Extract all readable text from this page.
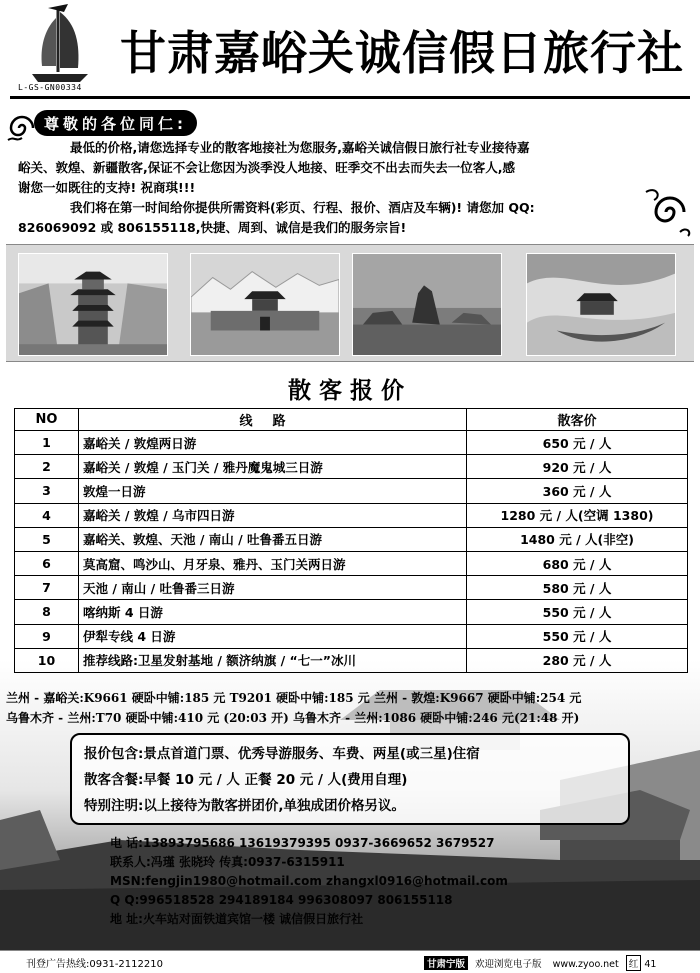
L-GS-GN00334
甘肃嘉峪关诚信假日旅行社
尊敬的各位同仁:

最低的价格,请您选择专业的散客地接社为您服务,嘉峪关诚信假日旅行社专业接待嘉

峪关、敦煌、新疆散客,保证不会让您因为淡季没人地接、旺季交不出去而失去一位客人,感

谢您一如既往的支持! 祝商琪!!!

我们将在第一时间给你提供所需资料(彩页、行程、报价、酒店及车辆)! 请您加 QQ:

826069092 或 806155118,快捷、周到、诚信是我们的服务宗旨!

散客报价
NO	线路	散客价
1	嘉峪关 / 敦煌两日游	650 元 / 人
2	嘉峪关 / 敦煌 / 玉门关 / 雅丹魔鬼城三日游	920 元 / 人
3	敦煌一日游	360 元 / 人
4	嘉峪关 / 敦煌 / 乌市四日游	1280 元 / 人(空调 1380)
5	嘉峪关、敦煌、天池 / 南山 / 吐鲁番五日游	1480 元 / 人(非空)
6	莫高窟、鸣沙山、月牙泉、雅丹、玉门关两日游	680 元 / 人
7	天池 / 南山 / 吐鲁番三日游	580 元 / 人
8	喀纳斯 4 日游	550 元 / 人
9	伊犁专线 4 日游	550 元 / 人
10	推荐线路:卫星发射基地 / 额济纳旗 / “七一”冰川	280 元 / 人

兰州 - 嘉峪关:K9661 硬卧中铺:185 元 T9201 硬卧中铺:185 元 兰州 - 敦煌:K9667 硬卧中铺:254 元

乌鲁木齐 - 兰州:T70 硬卧中铺:410 元 (20:03 开) 乌鲁木齐 - 兰州:1086 硬卧中铺:246 元(21:48 开)

报价包含:景点首道门票、优秀导游服务、车费、两星(或三星)住宿

散客含餐:早餐 10 元 / 人 正餐 20 元 / 人(费用自理)

特别注明:以上接待为散客拼团价,单独成团价格另议。

电 话:13893795686 13619379395 0937-3669652 3679527

联系人:冯瑾 张晓玲 传真:0937-6315911

MSN:fengjin1980@hotmail.com zhangxl0916@hotmail.com

Q Q:996518528 294189184 996308097 806155118

地 址:火车站对面铁道宾馆一楼 诚信假日旅行社

刊登广告热线:0931-2112210	甘肃宁版 欢迎浏览电子版 www.zyoo.net 红 41
